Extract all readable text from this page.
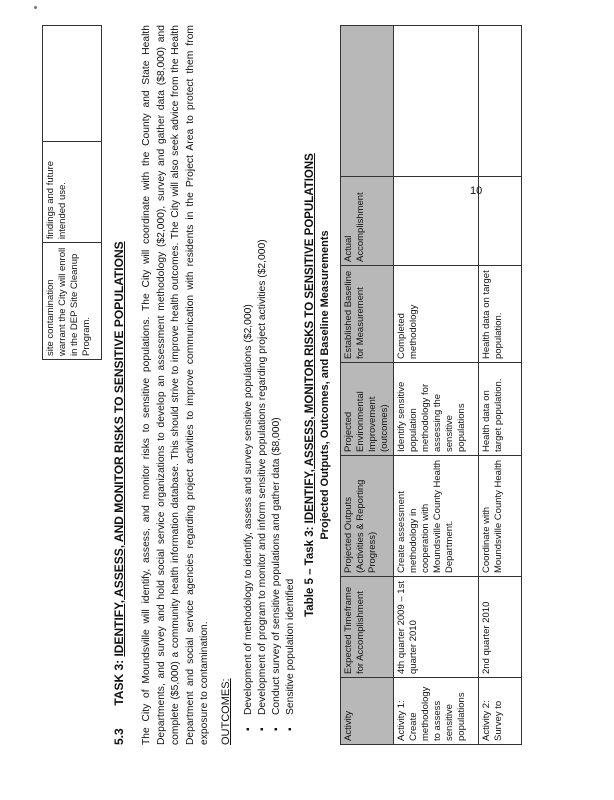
site contamination warrant the City will enroll in the DEP Site Cleanup Program.	findings and future intended use.	
5.3 TASK 3: IDENTIFY, ASSESS, AND MONITOR RISKS TO SENSITIVE POPULATIONS The City of Moundsville will identify, assess, and monitor risks to sensitive populations. The City will coordinate with the County and State Health Departments, and survey and hold social service organizations to develop an assessment methodology ($2,000), survey and gather data ($8,000) and complete ($5,000) a community health information database. This should strive to improve health outcomes. The City will also seek advice from the Health Department and social service agencies regarding project activities to improve communication with residents in the Project Area to protect them from exposure to contamination. OUTCOMES: ▪ Development of methodology to identify, assess and survey sensitive populations ($2,000) ▪ Development of program to monitor and inform sensitive populations regarding project activities ($2,000) ▪ Conduct survey of sensitive populations and gather data ($8,000) ▪ Sensitive population identified
Table 5 – Task 3: IDENTIFY, ASSESS, MONITOR RISKS TO SENSITIVE POPULATIONS Projected Outputs, Outcomes, and Baseline Measurements
Activity	Expected Timeframe for Accomplishment	Projected Outputs (Activities & Reporting Progress)	Projected Environmental Improvement (outcomes)	Established Baseline for Measurement	Actual Accomplishment	
Activity 1: Create methodology to assess sensitive populations	4th quarter 2009 – 1st quarter 2010	Create assessment methodology in cooperation with Moundsville County Health Department.	Identify sensitive population methodology for assessing the sensitive populations	Completed methodology		
Activity 2: Survey to	2nd quarter 2010	Coordinate with Moundsville County Health	Health data on target population.	Health data on target population.		
10
